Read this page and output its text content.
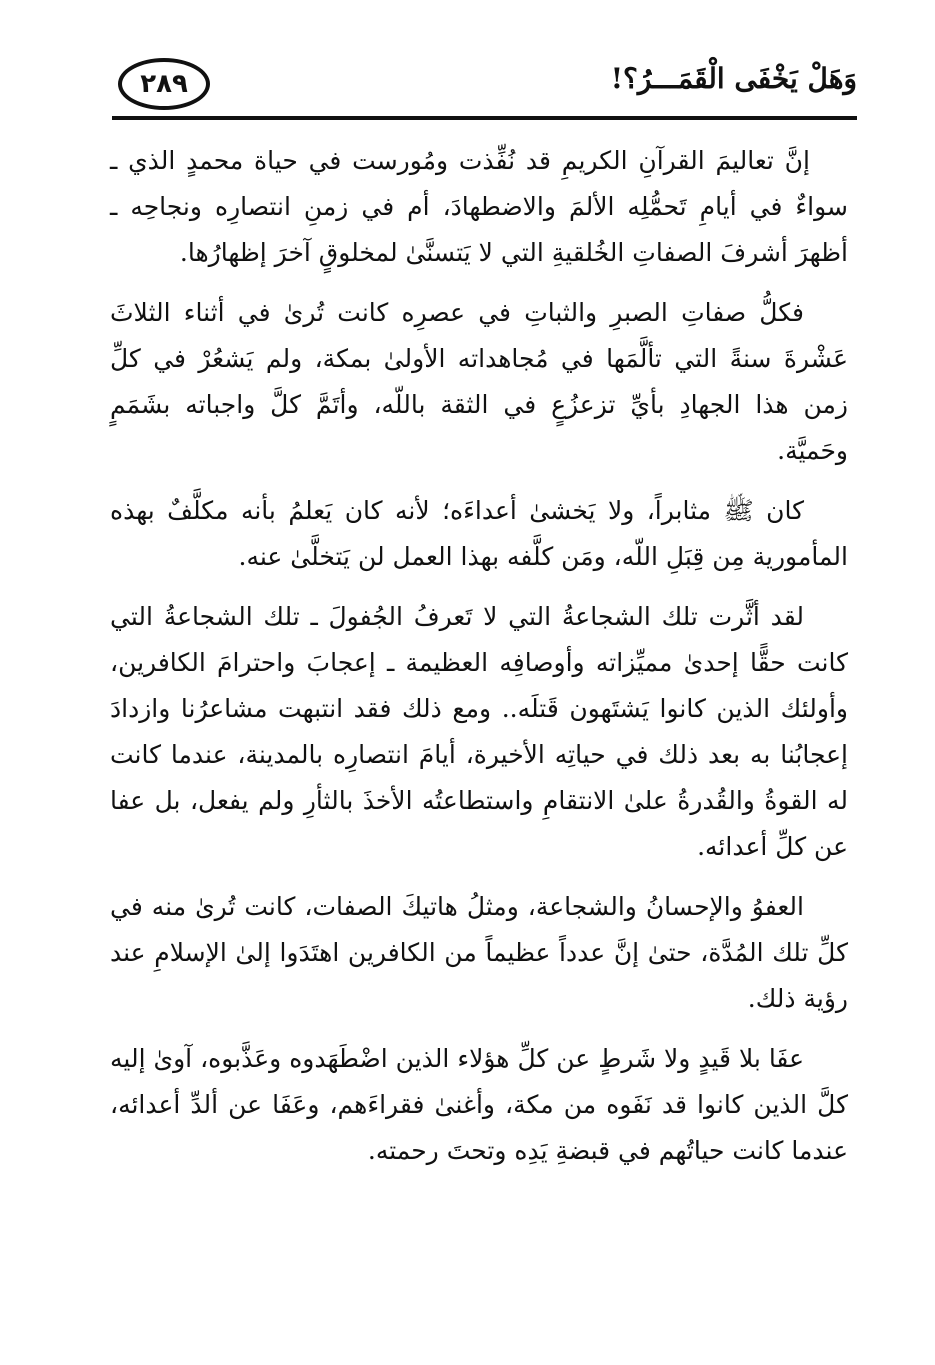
٢٨٩	وَهَلْ يَخْفَى الْقَمَـــرُ؟!

إنَّ تعاليمَ القرآنِ الكريمِ قد نُفِّذت ومُورست في حياة محمدٍ الذي ـ سواءٌ في أيامِ تَحمُّلِه الألمَ والاضطهادَ، أم في زمنِ انتصارِه ونجاحِه ـ أظهرَ أشرفَ الصفاتِ الخُلقيةِ التي لا يَتسنَّىٰ لمخلوقٍ آخرَ إظهارُها.

فكلُّ صفاتِ الصبرِ والثباتِ في عصرِه كانت تُرىٰ في أثناء الثلاثَ عَشْرةَ سنةً التي تألَّمَها في مُجاهداته الأولىٰ بمكة، ولم يَشعُرْ في كلِّ زمن هذا الجهادِ بأيِّ تزعزُعٍ في الثقة باللّه، وأتَمَّ كلَّ واجباته بشَمَمٍ وحَميَّة.

كان ﷺ مثابراً، ولا يَخشىٰ أعداءَه؛ لأنه كان يَعلمُ بأنه مكلَّفٌ بهذه المأمورية مِن قِبَلِ اللّه، ومَن كلَّفه بهذا العمل لن يَتخلَّىٰ عنه.

لقد أثَّرت تلك الشجاعةُ التي لا تَعرفُ الجُفولَ ـ تلك الشجاعةُ التي كانت حقًّا إحدىٰ مميِّزاته وأوصافِه العظيمة ـ إعجابَ واحترامَ الكافرين، وأولئك الذين كانوا يَشتَهون قَتلَه.. ومع ذلك فقد انتبهت مشاعرُنا وازدادَ إعجابُنا به بعد ذلك في حياتِه الأخيرة، أيامَ انتصارِه بالمدينة، عندما كانت له القوةُ والقُدرةُ علىٰ الانتقامِ واستطاعتُه الأخذَ بالثأرِ ولم يفعل، بل عفا عن كلِّ أعدائه.

العفوُ والإحسانُ والشجاعة، ومثلُ هاتيكَ الصفات، كانت تُرىٰ منه في كلِّ تلك المُدَّة، حتىٰ إنَّ عدداً عظيماً من الكافرين اهتَدَوا إلىٰ الإسلامِ عند رؤية ذلك.

عفَا بلا قَيدٍ ولا شَرطٍ عن كلِّ هؤلاء الذين اضْطَهَدوه وعَذَّبوه، آوىٰ إليه كلَّ الذين كانوا قد نَفَوه من مكة، وأغنىٰ فقراءَهم، وعَفَا عن ألدِّ أعدائه، عندما كانت حياتُهم في قبضةِ يَدِه وتحتَ رحمته.
